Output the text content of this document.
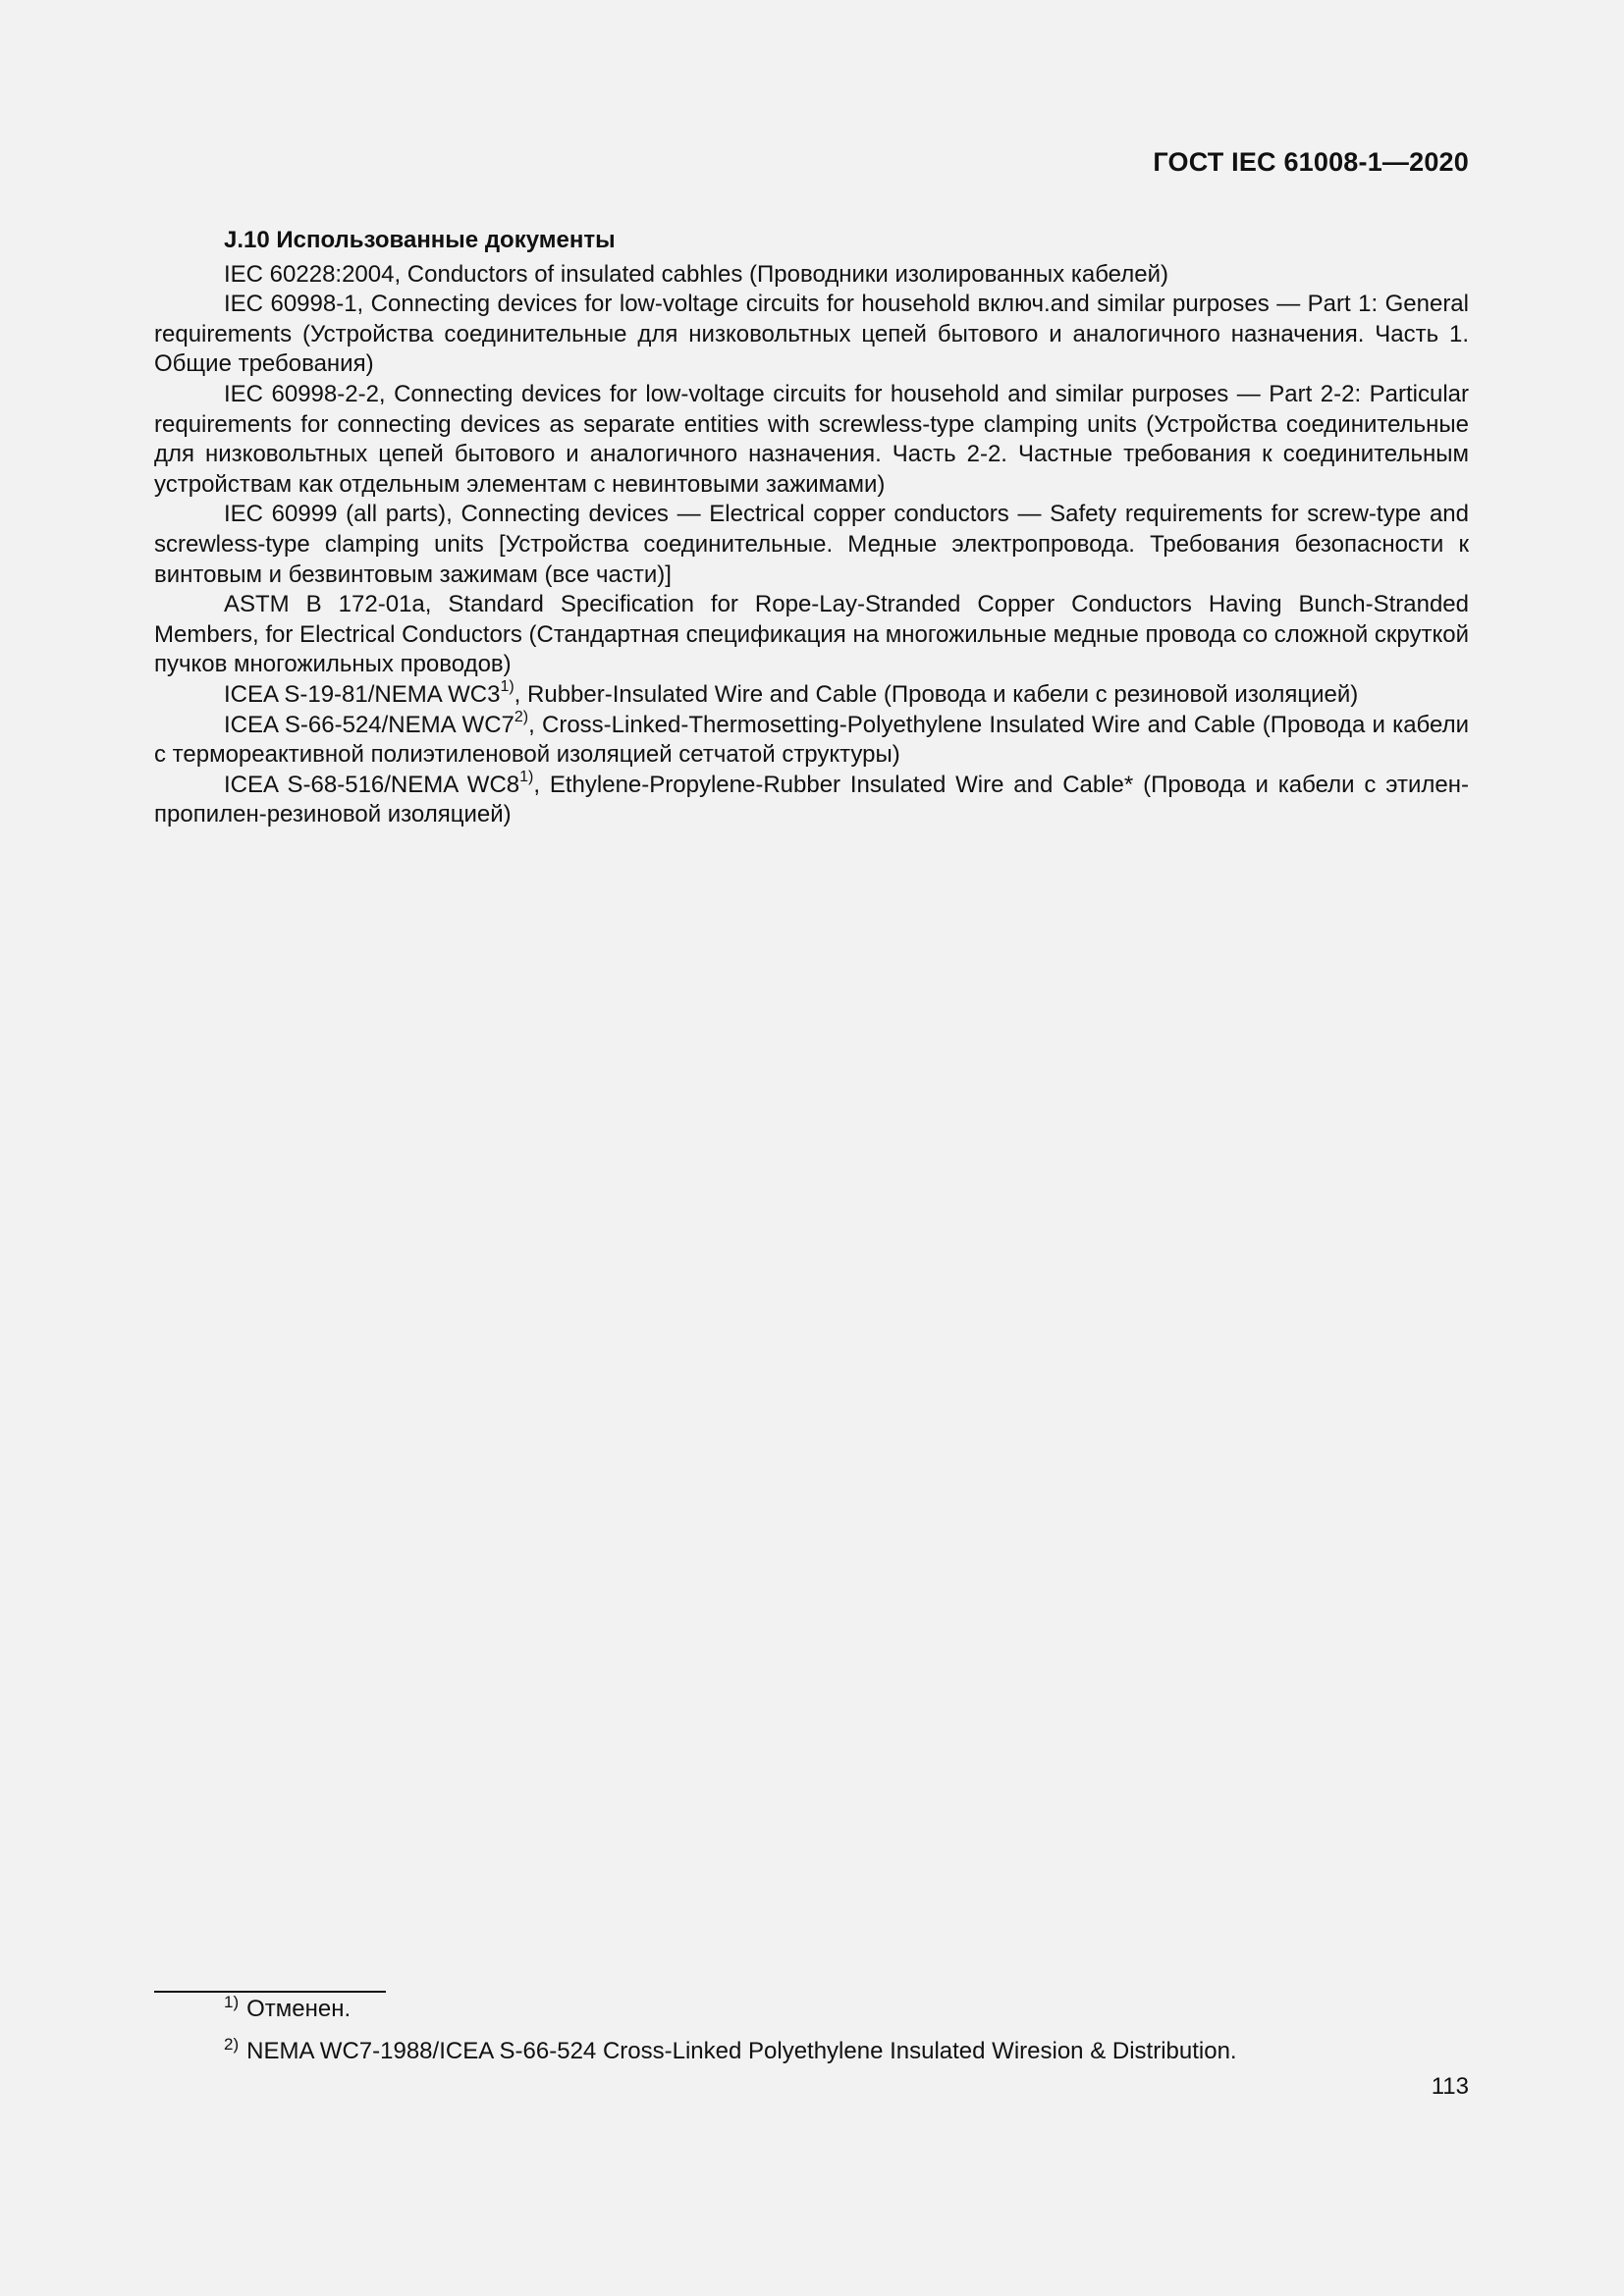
ГОСТ IEC 61008-1—2020

J.10 Использованные документы

IEC 60228:2004, Conductors of insulated cabhles (Проводники изолированных кабелей)

IEC 60998-1, Connecting devices for low-voltage circuits for household включ.and similar purposes — Part 1: General requirements (Устройства соединительные для низковольтных цепей бытового и аналогичного назначения. Часть 1. Общие требования)

IEC 60998-2-2, Connecting devices for low-voltage circuits for household and similar purposes — Part 2-2: Particular requirements for connecting devices as separate entities with screwless-type clamping units (Устройства соединительные для низковольтных цепей бытового и аналогичного назначения. Часть 2-2. Частные требования к соединительным устройствам как отдельным элементам с невинтовыми зажимами)

IEC 60999 (all parts), Connecting devices — Electrical copper conductors — Safety requirements for screw-type and screwless-type clamping units [Устройства соединительные. Медные электропровода. Требования безопасности к винтовым и безвинтовым зажимам (все части)]

ASTM B 172-01a, Standard Specification for Rope-Lay-Stranded Copper Conductors Having Bunch-Stranded Members, for Electrical Conductors (Стандартная спецификация на многожильные медные провода со сложной скруткой пучков многожильных проводов)

ICEA S-19-81/NEMA WC3$^{1)}$, Rubber-Insulated Wire and Cable (Провода и кабели с резиновой изоляцией)

ICEA S-66-524/NEMA WC7$^{2)}$, Cross-Linked-Thermosetting-Polyethylene Insulated Wire and Cable (Провода и кабели с термореактивной полиэтиленовой изоляцией сетчатой структуры)

ICEA S-68-516/NEMA WC8$^{1)}$, Ethylene-Propylene-Rubber Insulated Wire and Cable* (Провода и кабели с этиленпропилен-резиновой изоляцией)

$^{1)}$ Отменен.

$^{2)}$ NEMA WC7-1988/ICEA S-66-524 Cross-Linked Polyethylene Insulated Wiresion & Distribution.

113
